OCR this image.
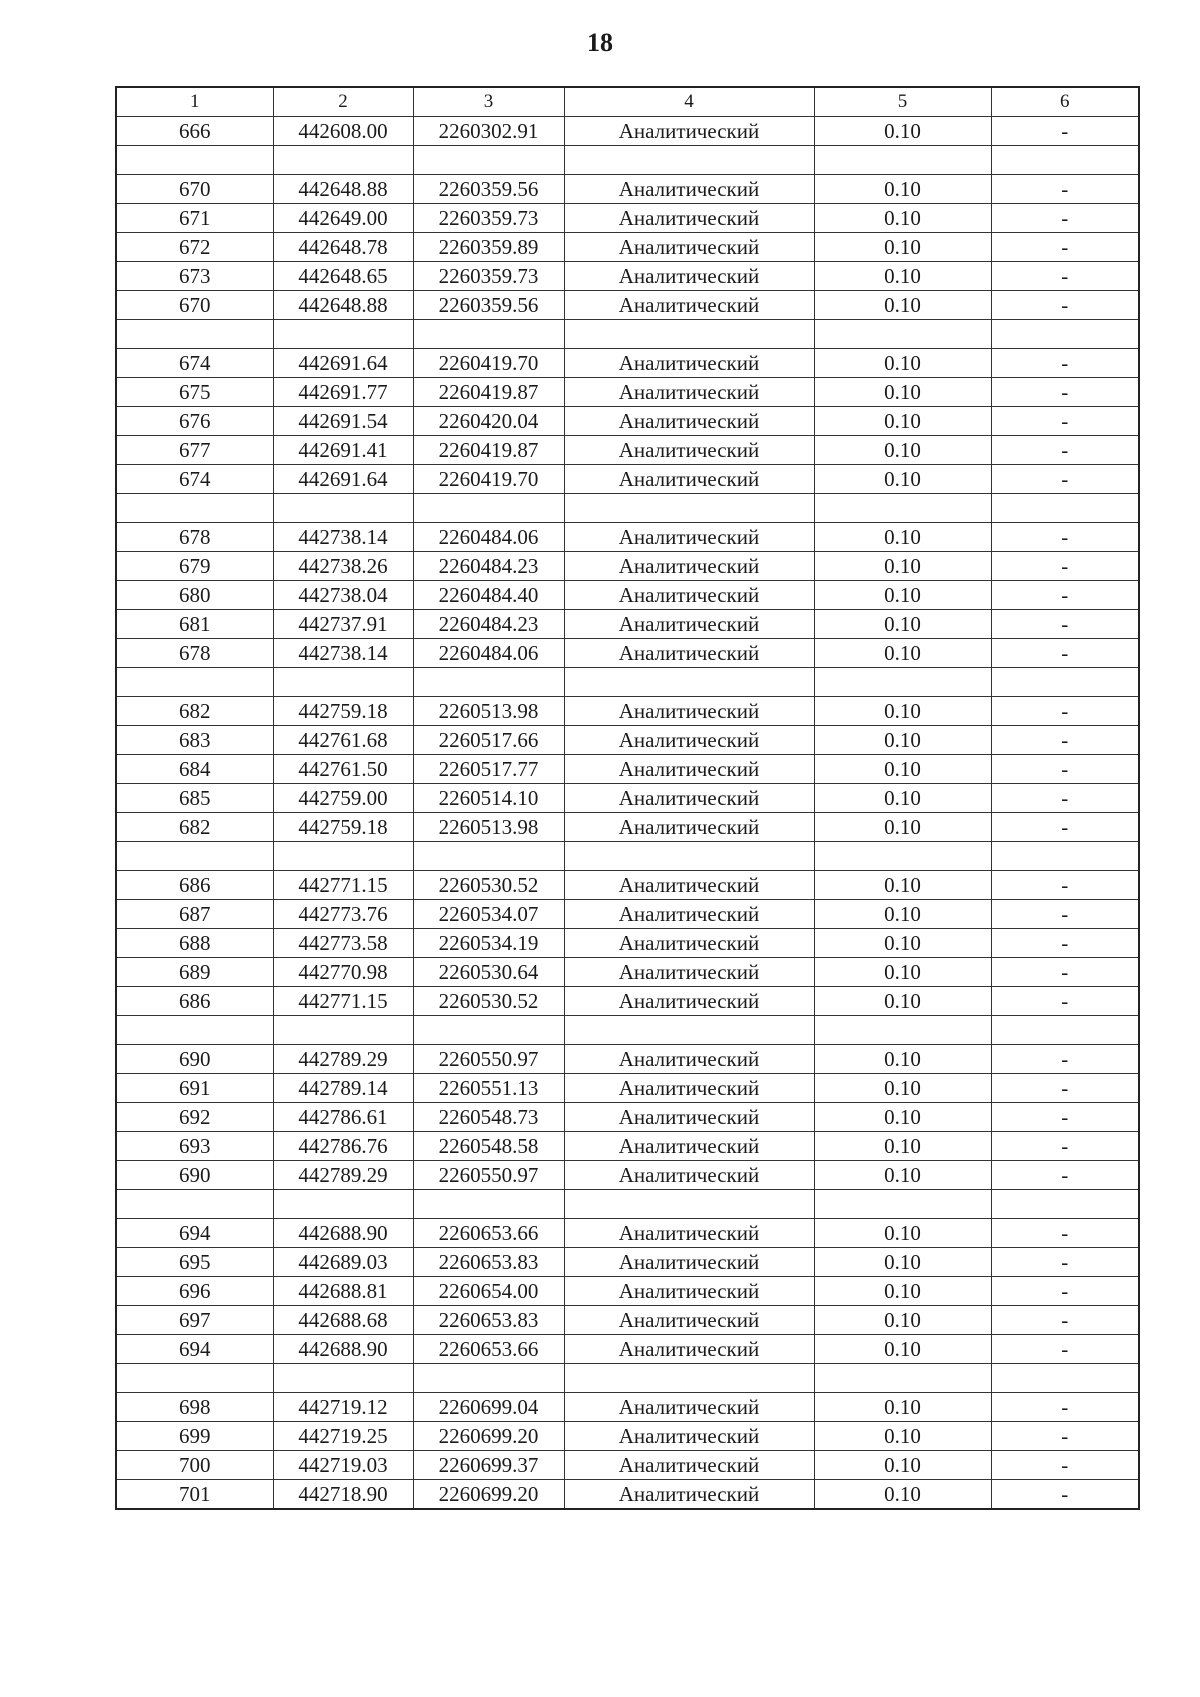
18
1	2	3	4	5	6
666	442608.00	2260302.91	Аналитический	0.10	-

670	442648.88	2260359.56	Аналитический	0.10	-
671	442649.00	2260359.73	Аналитический	0.10	-
672	442648.78	2260359.89	Аналитический	0.10	-
673	442648.65	2260359.73	Аналитический	0.10	-
670	442648.88	2260359.56	Аналитический	0.10	-

674	442691.64	2260419.70	Аналитический	0.10	-
675	442691.77	2260419.87	Аналитический	0.10	-
676	442691.54	2260420.04	Аналитический	0.10	-
677	442691.41	2260419.87	Аналитический	0.10	-
674	442691.64	2260419.70	Аналитический	0.10	-

678	442738.14	2260484.06	Аналитический	0.10	-
679	442738.26	2260484.23	Аналитический	0.10	-
680	442738.04	2260484.40	Аналитический	0.10	-
681	442737.91	2260484.23	Аналитический	0.10	-
678	442738.14	2260484.06	Аналитический	0.10	-

682	442759.18	2260513.98	Аналитический	0.10	-
683	442761.68	2260517.66	Аналитический	0.10	-
684	442761.50	2260517.77	Аналитический	0.10	-
685	442759.00	2260514.10	Аналитический	0.10	-
682	442759.18	2260513.98	Аналитический	0.10	-

686	442771.15	2260530.52	Аналитический	0.10	-
687	442773.76	2260534.07	Аналитический	0.10	-
688	442773.58	2260534.19	Аналитический	0.10	-
689	442770.98	2260530.64	Аналитический	0.10	-
686	442771.15	2260530.52	Аналитический	0.10	-

690	442789.29	2260550.97	Аналитический	0.10	-
691	442789.14	2260551.13	Аналитический	0.10	-
692	442786.61	2260548.73	Аналитический	0.10	-
693	442786.76	2260548.58	Аналитический	0.10	-
690	442789.29	2260550.97	Аналитический	0.10	-

694	442688.90	2260653.66	Аналитический	0.10	-
695	442689.03	2260653.83	Аналитический	0.10	-
696	442688.81	2260654.00	Аналитический	0.10	-
697	442688.68	2260653.83	Аналитический	0.10	-
694	442688.90	2260653.66	Аналитический	0.10	-

698	442719.12	2260699.04	Аналитический	0.10	-
699	442719.25	2260699.20	Аналитический	0.10	-
700	442719.03	2260699.37	Аналитический	0.10	-
701	442718.90	2260699.20	Аналитический	0.10	-
